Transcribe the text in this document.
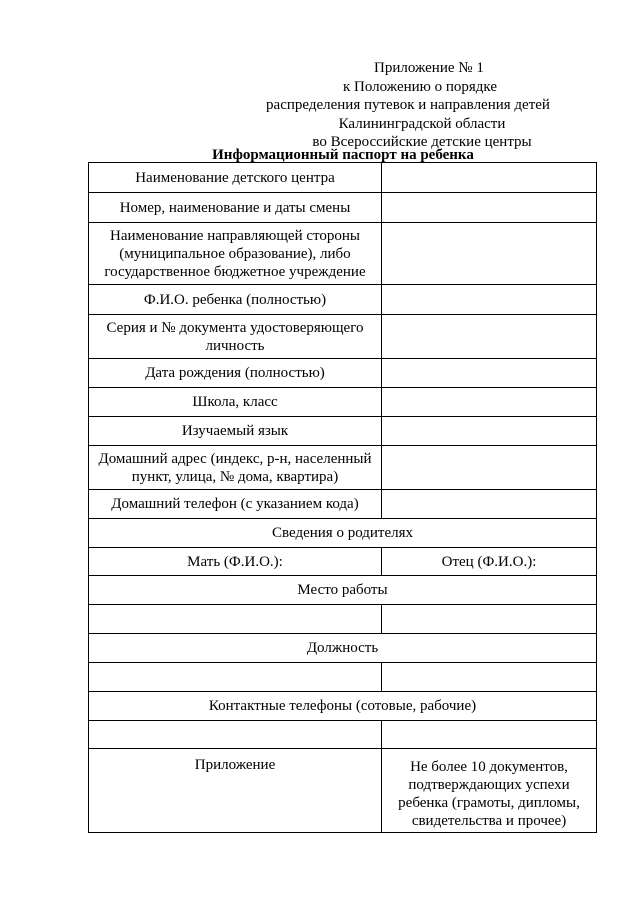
Приложение № 1
к Положению о порядке
распределения путевок и направления детей
Калининградской области
во Всероссийские детские центры
Информационный паспорт на ребенка
Наименование детского центра	
Номер, наименование и даты смены	
Наименование направляющей стороны (муниципальное образование), либо государственное бюджетное учреждение	
Ф.И.О. ребенка (полностью)	
Серия и № документа удостоверяющего личность	
Дата рождения (полностью)	
Школа, класс	
Изучаемый язык	
Домашний адрес (индекс, р-н, населенный пункт, улица, № дома, квартира)	
Домашний телефон (с указанием кода)	
Сведения о родителях	
Мать (Ф.И.О.):	Отец (Ф.И.О.):
Место работы	

Должность	

Контактные телефоны (сотовые, рабочие)	

Приложение	Не более 10 документов, подтверждающих успехи ребенка (грамоты, дипломы, свидетельства и прочее)
